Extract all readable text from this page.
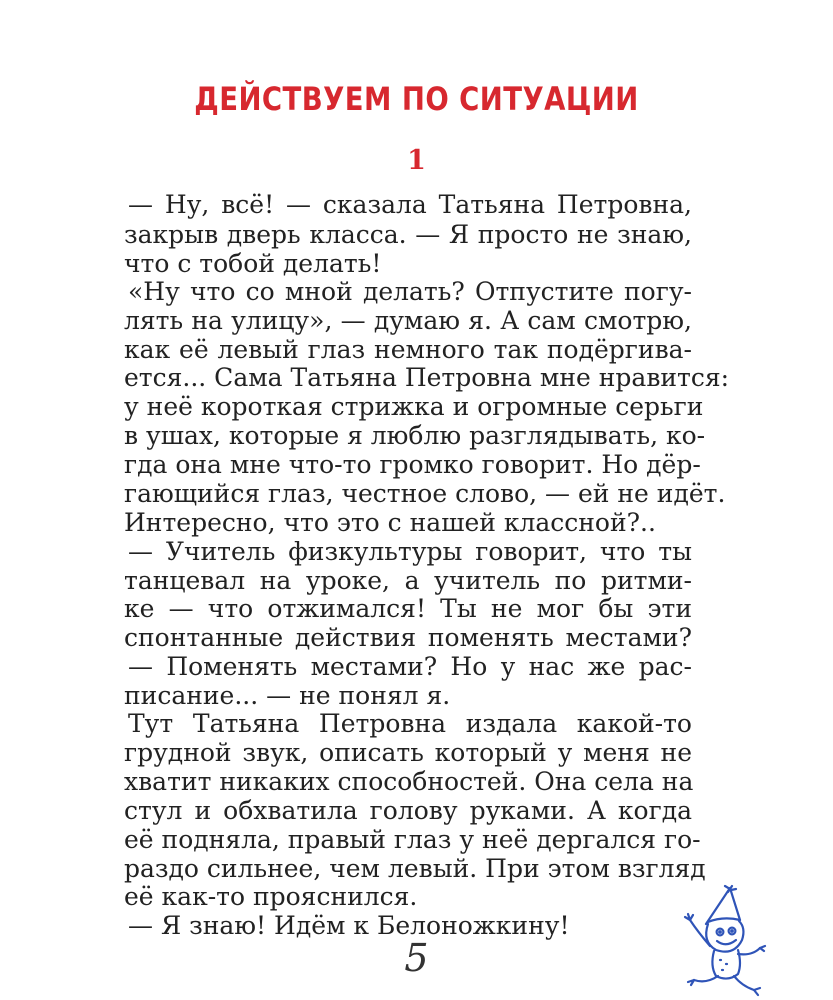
ДЕЙСТВУЕМ ПО СИТУАЦИИ
1
— Ну, всё! — сказала Татьяна Петровна,
закрыв дверь класса. — Я просто не знаю,
что с тобой делать!
«Ну что со мной делать? Отпустите погу-
лять на улицу», — думаю я. А сам смотрю,
как её левый глаз немного так подёргива-
ется... Сама Татьяна Петровна мне нравится:
у неё короткая стрижка и огромные серьги
в ушах, которые я люблю разглядывать, ко-
гда она мне что-то громко говорит. Но дёр-
гающийся глаз, честное слово, — ей не идёт.
Интересно, что это с нашей классной?..
— Учитель физкультуры говорит, что ты
танцевал на уроке, а учитель по ритми-
ке — что отжимался! Ты не мог бы эти
спонтанные действия поменять местами?
— Поменять местами? Но у нас же рас-
писание... — не понял я.
Тут Татьяна Петровна издала какой-то
грудной звук, описать который у меня не
хватит никаких способностей. Она села на
стул и обхватила голову руками. А когда
её подняла, правый глаз у неё дергался го-
раздо сильнее, чем левый. При этом взгляд
её как-то прояснился.
— Я знаю! Идём к Белоножкину!
5
